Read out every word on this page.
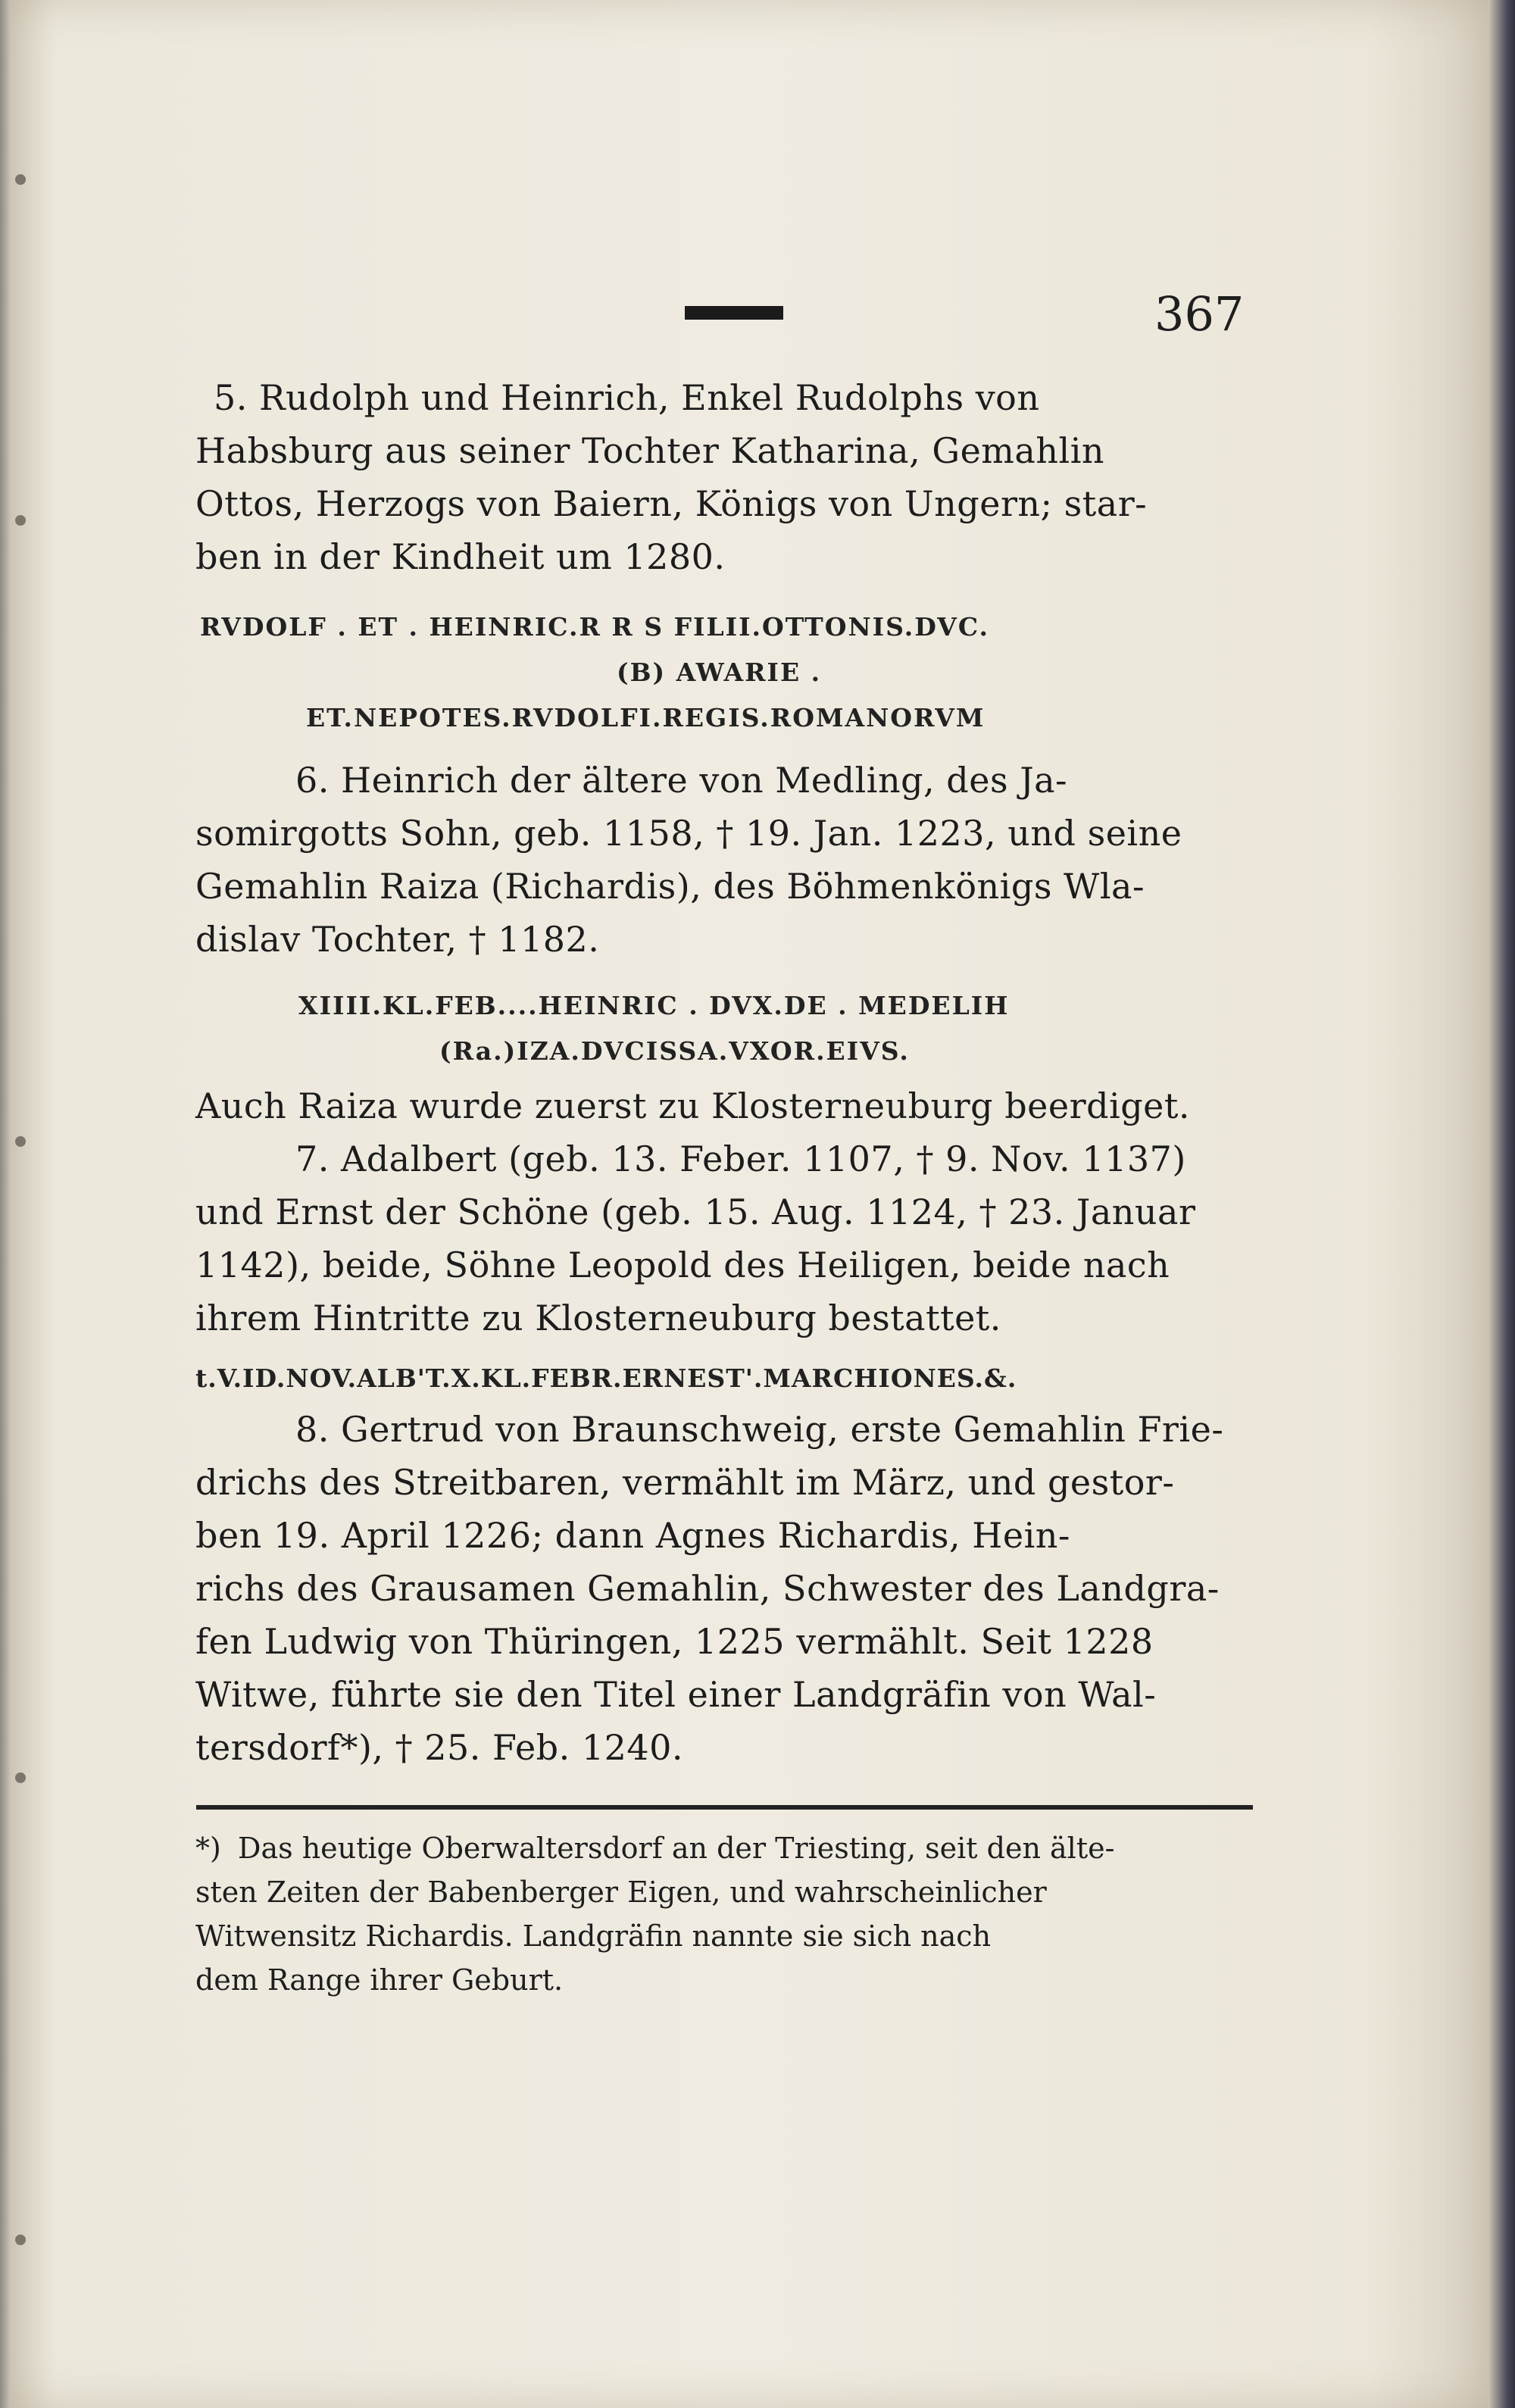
367
5. Rudolph und Heinrich, Enkel Rudolphs von
Habsburg aus seiner Tochter Katharina, Gemahlin
Ottos, Herzogs von Baiern, Königs von Ungern; star-
ben in der Kindheit um 1280.
RVDOLF . ET . HEINRIC.R R S FILII.OTTONIS.DVC.
(B) AWARIE .
ET.NEPOTES.RVDOLFI.REGIS.ROMANORVM
6. Heinrich der ältere von Medling, des Ja-
somirgotts Sohn, geb. 1158, † 19. Jan. 1223, und seine
Gemahlin Raiza (Richardis), des Böhmenkönigs Wla-
dislav Tochter, † 1182.
XIIII.KL.FEB....HEINRIC . DVX.DE . MEDELIH
(Ra.)IZA.DVCISSA.VXOR.EIVS.
Auch Raiza wurde zuerst zu Klosterneuburg beerdiget.
7. Adalbert (geb. 13. Feber. 1107, † 9. Nov. 1137)
und Ernst der Schöne (geb. 15. Aug. 1124, † 23. Januar
1142), beide, Söhne Leopold des Heiligen, beide nach
ihrem Hintritte zu Klosterneuburg bestattet.
t.V.ID.NOV.ALB'T.X.KL.FEBR.ERNEST'.MARCHIONES.&.
8. Gertrud von Braunschweig, erste Gemahlin Frie-
drichs des Streitbaren, vermählt im März, und gestor-
ben 19. April 1226; dann Agnes Richardis, Hein-
richs des Grausamen Gemahlin, Schwester des Landgra-
fen Ludwig von Thüringen, 1225 vermählt. Seit 1228
Witwe, führte sie den Titel einer Landgräfin von Wal-
tersdorf*), † 25. Feb. 1240.
*) Das heutige Oberwaltersdorf an der Triesting, seit den älte-
sten Zeiten der Babenberger Eigen, und wahrscheinlicher
Witwensitz Richardis. Landgräfin nannte sie sich nach
dem Range ihrer Geburt.
